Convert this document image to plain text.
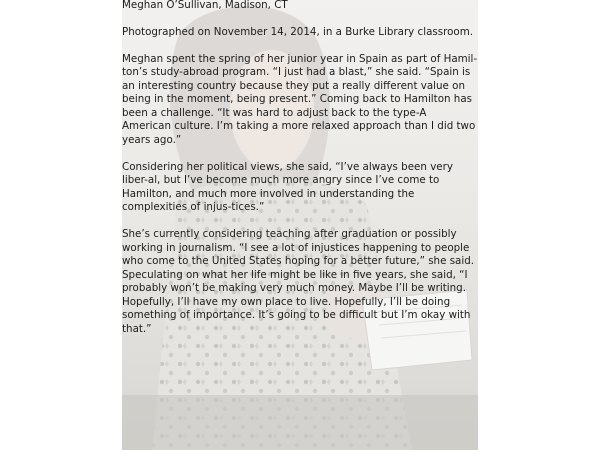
Meghan O’Sullivan, Madison, CT

Photographed on November 14, 2014, in a Burke Library classroom.

Meghan spent the spring of her junior year in Spain as part of Hamil-ton’s study-abroad program. “I just had a blast,” she said. “Spain is an interesting country because they put a really different value on being in the moment, being present.” Coming back to Hamilton has been a challenge. “It was hard to adjust back to the type-A American culture. I’m taking a more relaxed approach than I did two years ago.”

Considering her political views, she said, “I’ve always been very liber-al, but I’ve become much more angry since I’ve come to Hamilton, and much more involved in understanding the complexities of injus-tices.”

She’s currently considering teaching after graduation or possibly working in journalism. “I see a lot of injustices happening to people who come to the United States hoping for a better future,” she said. Speculating on what her life might be like in five years, she said, “I probably won’t be making very much money. Maybe I’ll be writing. Hopefully, I’ll have my own place to live. Hopefully, I’ll be doing something of importance. It’s going to be difficult but I’m okay with that.”
